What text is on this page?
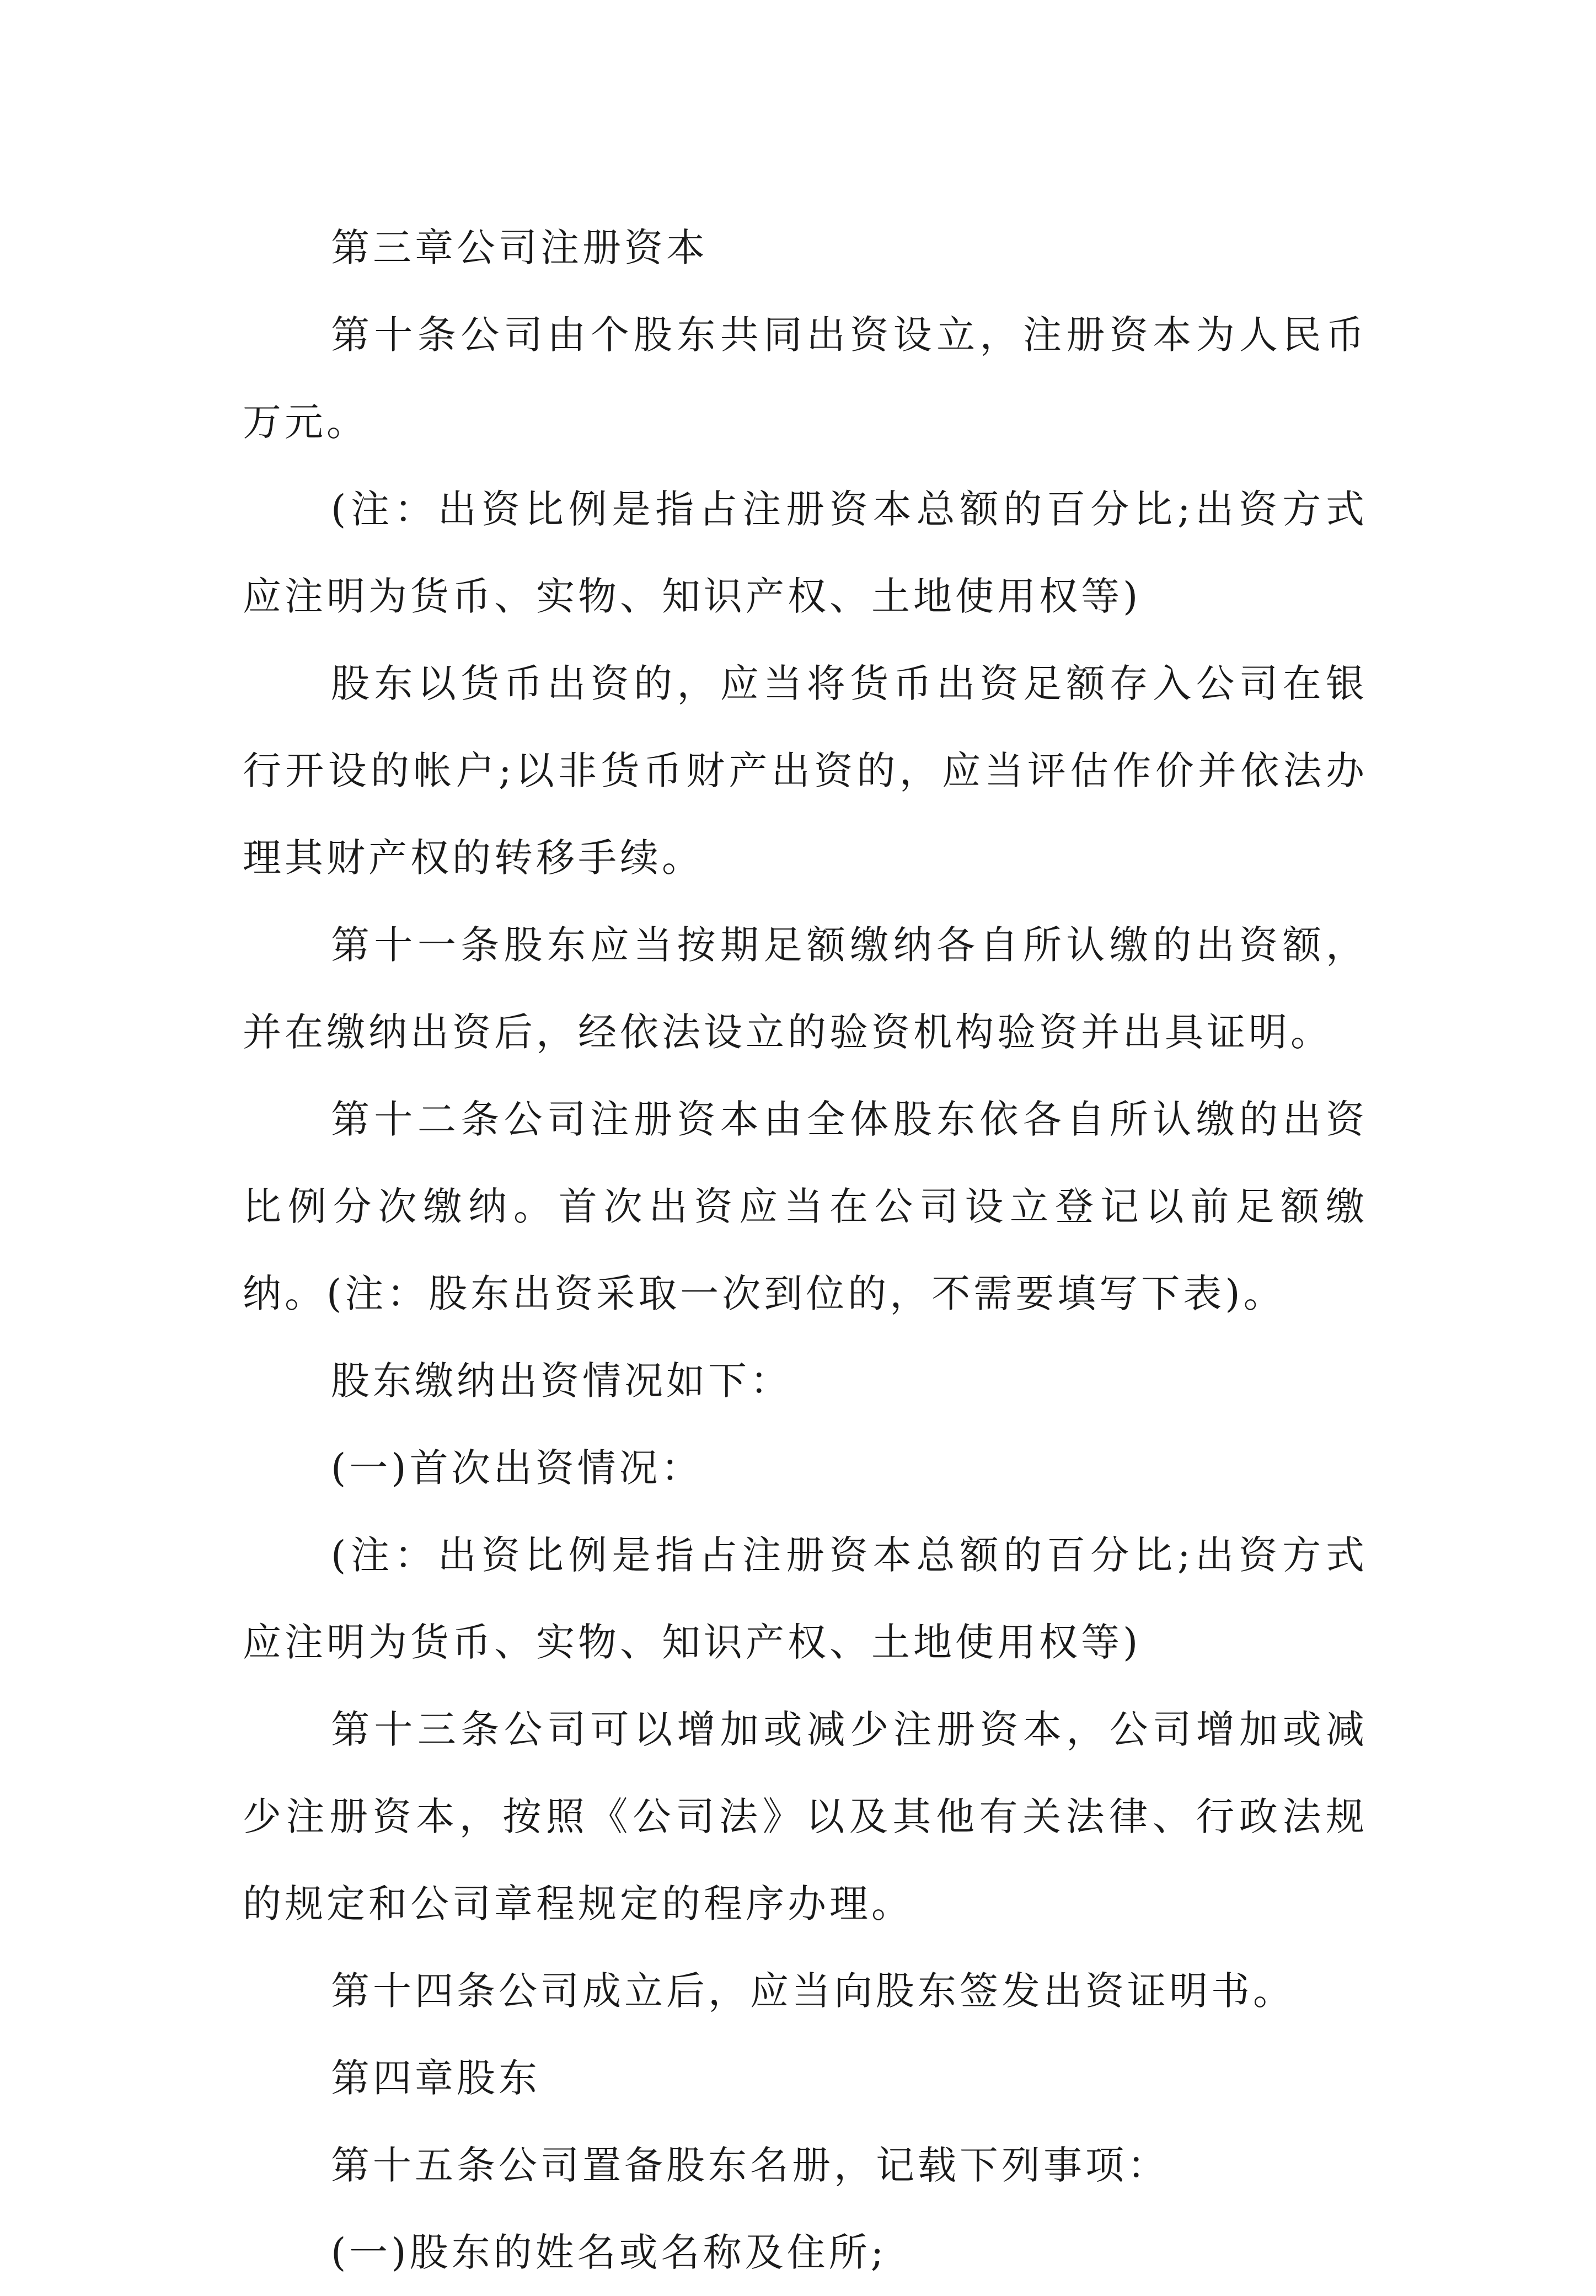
第三章公司注册资本

第十条公司由个股东共同出资设立，注册资本为人民币万元。

(注：出资比例是指占注册资本总额的百分比;出资方式应注明为货币、实物、知识产权、土地使用权等)

股东以货币出资的，应当将货币出资足额存入公司在银行开设的帐户;以非货币财产出资的，应当评估作价并依法办理其财产权的转移手续。

第十一条股东应当按期足额缴纳各自所认缴的出资额，并在缴纳出资后，经依法设立的验资机构验资并出具证明。

第十二条公司注册资本由全体股东依各自所认缴的出资比例分次缴纳。首次出资应当在公司设立登记以前足额缴纳。(注：股东出资采取一次到位的，不需要填写下表)。

股东缴纳出资情况如下：

(一)首次出资情况：

(注：出资比例是指占注册资本总额的百分比;出资方式应注明为货币、实物、知识产权、土地使用权等)

第十三条公司可以增加或减少注册资本，公司增加或减少注册资本，按照《公司法》以及其他有关法律、行政法规的规定和公司章程规定的程序办理。

第十四条公司成立后，应当向股东签发出资证明书。

第四章股东

第十五条公司置备股东名册，记载下列事项：

(一)股东的姓名或名称及住所;
